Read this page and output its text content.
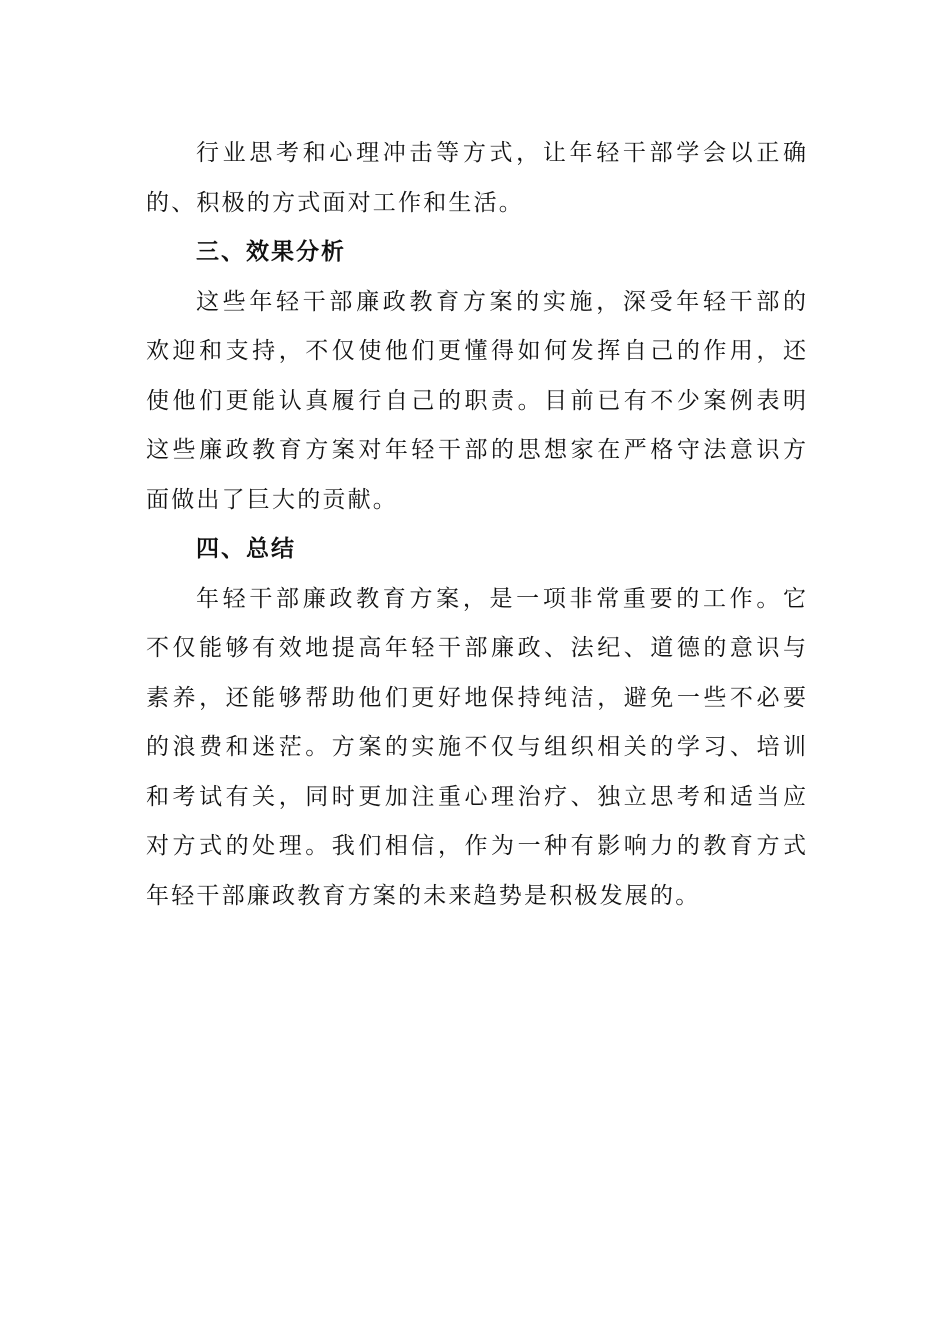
行业思考和心理冲击等方式，让年轻干部学会以正确
的、积极的方式面对工作和生活。
三、效果分析
这些年轻干部廉政教育方案的实施，深受年轻干部的
欢迎和支持，不仅使他们更懂得如何发挥自己的作用，还
使他们更能认真履行自己的职责。目前已有不少案例表明
这些廉政教育方案对年轻干部的思想家在严格守法意识方
面做出了巨大的贡献。
四、总结
年轻干部廉政教育方案，是一项非常重要的工作。它
不仅能够有效地提高年轻干部廉政、法纪、道德的意识与
素养，还能够帮助他们更好地保持纯洁，避免一些不必要
的浪费和迷茫。方案的实施不仅与组织相关的学习、培训
和考试有关，同时更加注重心理治疗、独立思考和适当应
对方式的处理。我们相信，作为一种有影响力的教育方式
年轻干部廉政教育方案的未来趋势是积极发展的。
